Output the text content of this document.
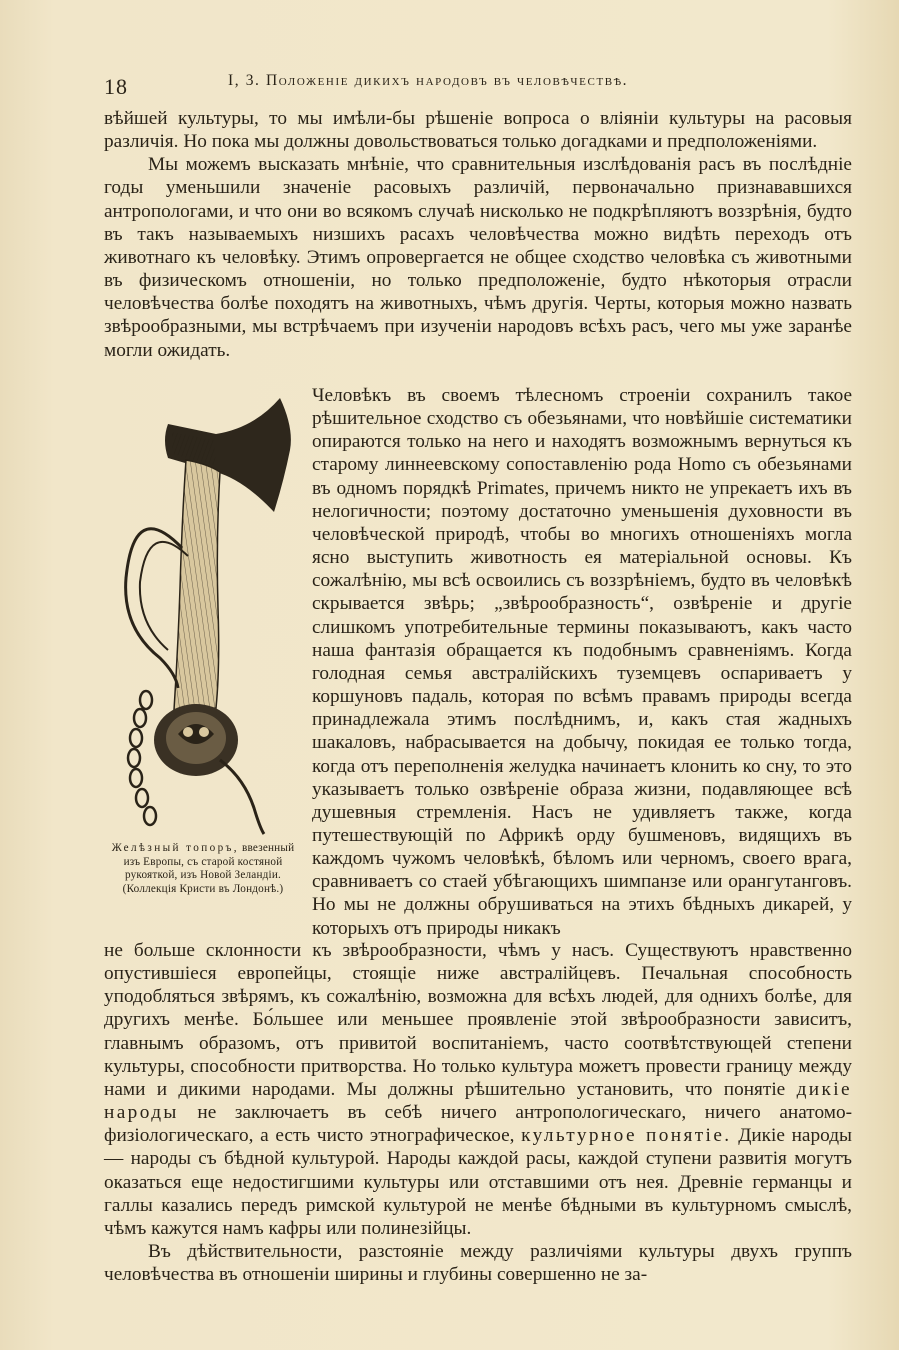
18	I, 3. Положеніе дикихъ народовъ въ человѣчествѣ.

вѣйшей культуры, то мы имѣли-бы рѣшеніе вопроса о вліяніи культуры на расовыя различія. Но пока мы должны довольствоваться только догадками и предположеніями.

Мы можемъ высказать мнѣніе, что сравнительныя изслѣдованія расъ въ послѣдніе годы уменьшили значеніе расовыхъ различій, первоначально признававшихся антропологами, и что они во всякомъ случаѣ нисколько не подкрѣпляютъ воззрѣнія, будто въ такъ называемыхъ низшихъ расахъ человѣчества можно видѣть переходъ отъ животнаго къ человѣку. Этимъ опровергается не общее сходство человѣка съ животными въ физическомъ отношеніи, но только предположеніе, будто нѣкоторыя отрасли человѣчества болѣе походятъ на животныхъ, чѣмъ другія. Черты, которыя можно назвать звѣрообразными, мы встрѣчаемъ при изученіи народовъ всѣхъ расъ, чего мы уже заранѣе могли ожидать.

Желѣзный топоръ, ввезенный изъ Европы, съ старой костяной рукояткой, изъ Новой Зеландіи. (Коллекція Кристи въ Лондонѣ.)

Человѣкъ въ своемъ тѣлесномъ строеніи сохранилъ такое рѣшительное сходство съ обезьянами, что новѣйшіе систематики опираются только на него и находятъ возможнымъ вернуться къ старому линнеевскому сопоставленію рода Homo съ обезьянами въ одномъ порядкѣ Primates, причемъ никто не упрекаетъ ихъ въ нелогичности; поэтому достаточно уменьшенія духовности въ человѣческой природѣ, чтобы во многихъ отношеніяхъ могла ясно выступить животность ея матеріальной основы. Къ сожалѣнію, мы всѣ освоились съ воззрѣніемъ, будто въ человѣкѣ скрывается звѣрь; „звѣрообразность“, озвѣреніе и другіе слишкомъ употребительные термины показываютъ, какъ часто наша фантазія обращается къ подобнымъ сравненіямъ. Когда голодная семья австралійскихъ туземцевъ оспариваетъ у коршуновъ падаль, которая по всѣмъ правамъ природы всегда принадлежала этимъ послѣднимъ, и, какъ стая жадныхъ шакаловъ, набрасывается на добычу, покидая ее только тогда, когда отъ переполненія желудка начинаетъ клонить ко сну, то это указываетъ только озвѣреніе образа жизни, подавляющее всѣ душевныя стремленія. Насъ не удивляетъ также, когда путешествующій по Африкѣ орду бушменовъ, видящихъ въ каждомъ чужомъ человѣкѣ, бѣломъ или черномъ, своего врага, сравниваетъ со стаей убѣгающихъ шимпанзе или орангутанговъ. Но мы не должны обрушиваться на этихъ бѣдныхъ дикарей, у которыхъ отъ природы никакъ

не больше склонности къ звѣрообразности, чѣмъ у насъ. Существуютъ нравственно опустившіеся европейцы, стоящіе ниже австралійцевъ. Печальная способность уподобляться звѣрямъ, къ сожалѣнію, возможна для всѣхъ людей, для однихъ болѣе, для другихъ менѣе. Бо́льшее или меньшее проявленіе этой звѣрообразности зависитъ, главнымъ образомъ, отъ привитой воспитаніемъ, часто соотвѣтствующей степени культуры, способности притворства. Но только культура можетъ провести границу между нами и дикими народами. Мы должны рѣшительно установить, что понятіе дикіе народы не заключаетъ въ себѣ ничего антропологическаго, ничего анатомо-физіологическаго, а есть чисто этнографическое, культурное понятіе. Дикіе народы — народы съ бѣдной культурой. Народы каждой расы, каждой ступени развитія могутъ оказаться еще недостигшими культуры или отставшими отъ нея. Древніе германцы и галлы казались передъ римской культурой не менѣе бѣдными въ культурномъ смыслѣ, чѣмъ кажутся намъ кафры или полинезійцы.

Въ дѣйствительности, разстояніе между различіями культуры двухъ группъ человѣчества въ отношеніи ширины и глубины совершенно не за-
